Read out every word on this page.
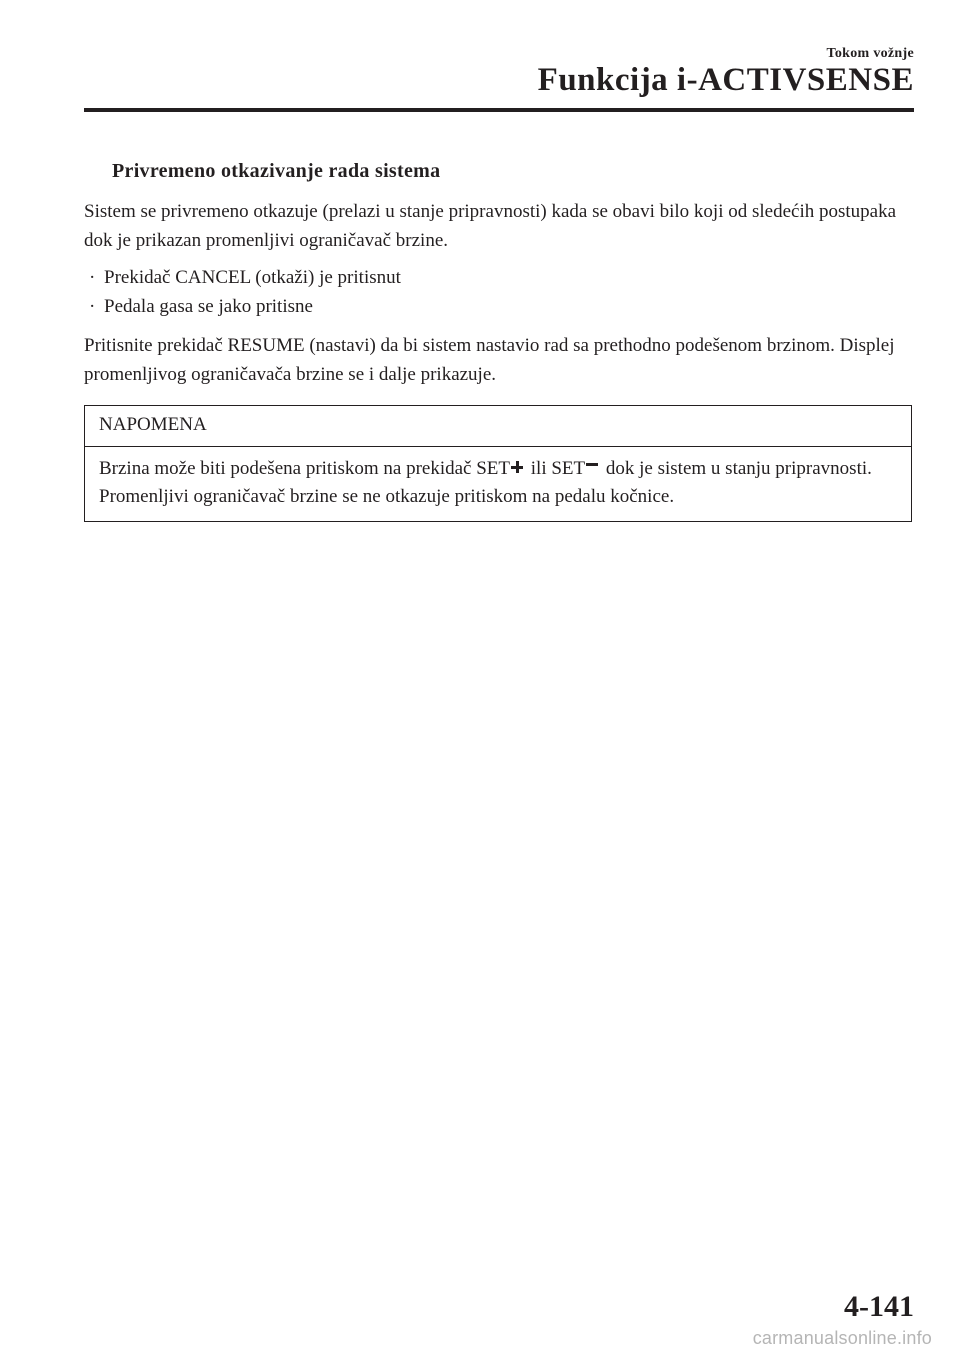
Tokom vožnje
Funkcija i-ACTIVSENSE
Privremeno otkazivanje rada sistema

Sistem se privremeno otkazuje (prelazi u stanje pripravnosti) kada se obavi bilo koji od sledećih postupaka dok je prikazan promenljivi ograničavač brzine.

· Prekidač CANCEL (otkaži) je pritisnut
· Pedala gasa se jako pritisne

Pritisnite prekidač RESUME (nastavi) da bi sistem nastavio rad sa prethodno podešenom brzinom. Displej promenljivog ograničavača brzine se i dalje prikazuje.

NAPOMENA
Brzina može biti podešena pritiskom na prekidač SET ili SET dok je sistem u stanju pripravnosti.
Promenljivi ograničavač brzine se ne otkazuje pritiskom na pedalu kočnice.
4-141
carmanualsonline.info
